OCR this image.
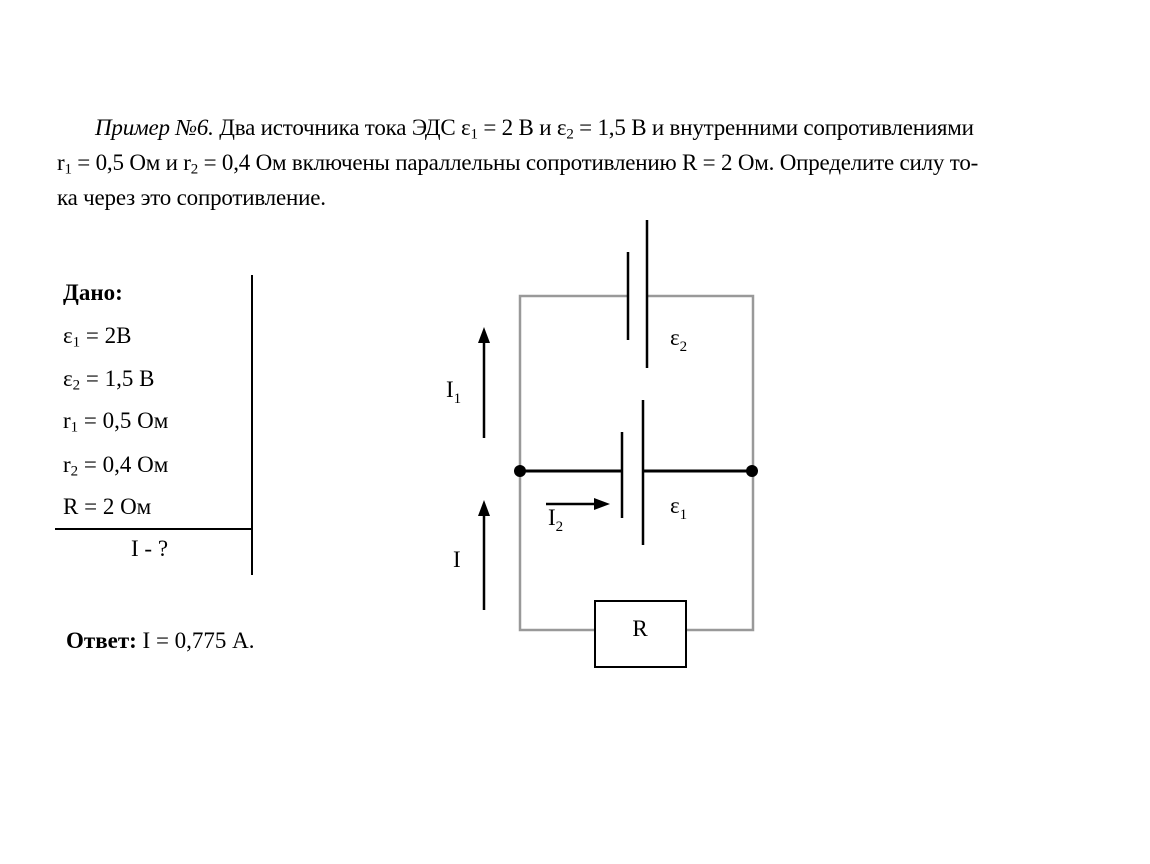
Пример №6. Два источника тока ЭДС $\varepsilon_1 = 2$ В и $\varepsilon_2 = 1,5$ В и внутренними сопротивлениями
$r_1 = 0,5$ Ом и $r_2 = 0,4$ Ом включены параллельны сопротивлению R = 2 Ом. Определите силу то-
ка через это сопротивление.
Дано:
$\varepsilon_1 = 2В$
$\varepsilon_2 = 1,5$ В
$r_1 = 0,5$ Ом
$r_2 = 0,4$ Ом
R = 2 Ом
I - ?
Ответ: I = 0,775 А.	R
$I_1$
$I_2$
I
$\varepsilon_2$
$\varepsilon_1$
